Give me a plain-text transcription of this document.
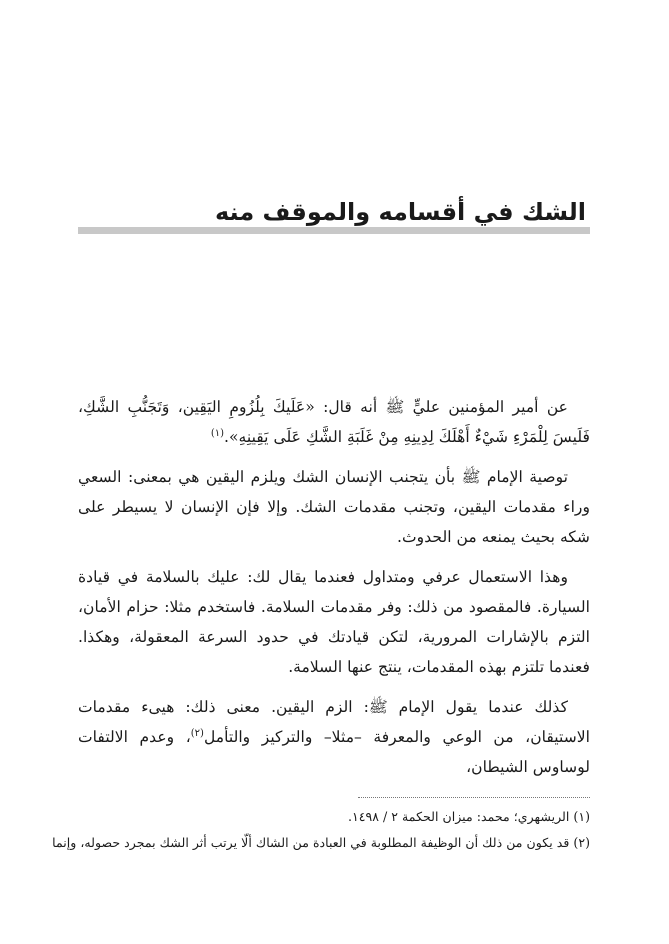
الشك في أقسامه والموقف منه

عن أمير المؤمنين عليٍّ ﷺ أنه قال: «عَلَيكَ بِلُزُومِ اليَقِين، وَتَجَنُّبِ الشَّكِ، فَلَيسَ لِلْمَرْءِ شَيْءٌ أَهْلَكَ لِدِينِهِ مِنْ غَلَبَةِ الشَّكِ عَلَى يَقِينِهِ».$^{(١)}$

توصية الإمام ﷺ بأن يتجنب الإنسان الشك ويلزم اليقين هي بمعنى: السعي وراء مقدمات اليقين، وتجنب مقدمات الشك. وإلا فإن الإنسان لا يسيطر على شكه بحيث يمنعه من الحدوث.

وهذا الاستعمال عرفي ومتداول فعندما يقال لك: عليك بالسلامة في قيادة السيارة. فالمقصود من ذلك: وفر مقدمات السلامة. فاستخدم مثلا: حزام الأمان، التزم بالإشارات المرورية، لتكن قيادتك في حدود السرعة المعقولة، وهكذا. فعندما تلتزم بهذه المقدمات، ينتج عنها السلامة.

كذلك عندما يقول الإمام ﷺ: الزم اليقين. معنى ذلك: هيىء مقدمات الاستيقان، من الوعي والمعرفة –مثلا– والتركيز والتأمل$^{(٢)}$، وعدم الالتفات لوساوس الشيطان،

(١) الريشهري؛ محمد: ميزان الحكمة ٢ / ١٤٩٨.

(٢) قد يكون من ذلك أن الوظيفة المطلوبة في العبادة من الشاك ألّا يرتب أثر الشك بمجرد حصوله، وإنما
